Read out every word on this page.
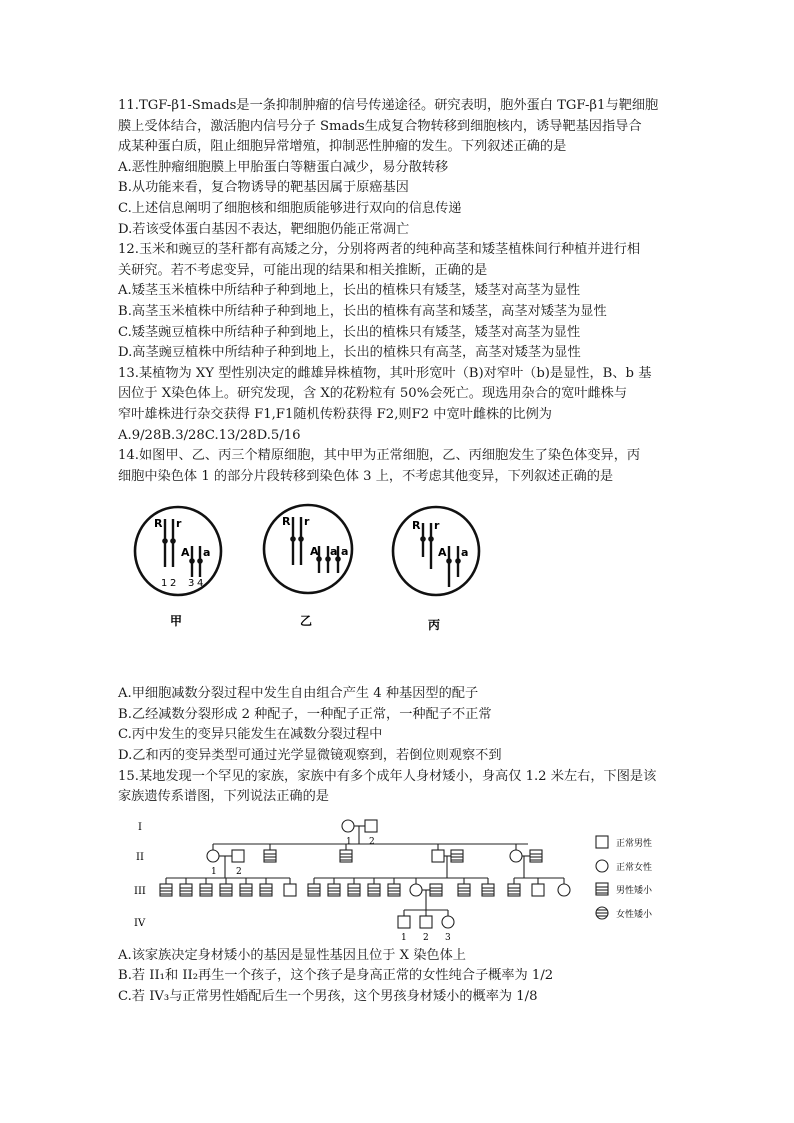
11.TGF-β1-Smads是一条抑制肿瘤的信号传递途径。研究表明，胞外蛋白 TGF-β1与靶细胞
膜上受体结合，激活胞内信号分子 Smads生成复合物转移到细胞核内，诱导靶基因指导合
成某种蛋白质，阻止细胞异常增殖，抑制恶性肿瘤的发生。下列叙述正确的是
A.恶性肿瘤细胞膜上甲胎蛋白等糖蛋白减少，易分散转移
B.从功能来看，复合物诱导的靶基因属于原癌基因
C.上述信息阐明了细胞核和细胞质能够进行双向的信息传递
D.若该受体蛋白基因不表达，靶细胞仍能正常凋亡
12.玉米和豌豆的茎秆都有高矮之分，分别将两者的纯种高茎和矮茎植株间行种植并进行相
关研究。若不考虑变异，可能出现的结果和相关推断，正确的是
A.矮茎玉米植株中所结种子种到地上，长出的植株只有矮茎，矮茎对高茎为显性
B.高茎玉米植株中所结种子种到地上，长出的植株有高茎和矮茎，高茎对矮茎为显性
C.矮茎豌豆植株中所结种子种到地上，长出的植株只有矮茎，矮茎对高茎为显性
D.高茎豌豆植株中所结种子种到地上，长出的植株只有高茎，高茎对矮茎为显性
13.某植物为 XY 型性别决定的雌雄异株植物，其叶形宽叶（B)对窄叶（b)是显性，B、b 基
因位于 X染色体上。研究发现，含 X的花粉粒有 50%会死亡。现选用杂合的宽叶雌株与
窄叶雄株进行杂交获得 F1,F1随机传粉获得 F2,则F2 中宽叶雌株的比例为
A.9/28B.3/28C.13/28D.5/16
14.如图甲、乙、丙三个精原细胞，其中甲为正常细胞，乙、丙细胞发生了染色体变异，丙
细胞中染色体 1 的部分片段转移到染色体 3 上，不考虑其他变异，下列叙述正确的是
R r
A a
1 2 3 4
甲
R r
A a a
乙
R r
A a
丙
A.甲细胞减数分裂过程中发生自由组合产生 4 种基因型的配子
B.乙经减数分裂形成 2 种配子，一种配子正常，一种配子不正常
C.丙中发生的变异只能发生在减数分裂过程中
D.乙和丙的变异类型可通过光学显微镜观察到，若倒位则观察不到
15.某地发现一个罕见的家族，家族中有多个成年人身材矮小，身高仅 1.2 米左右，下图是该
家族遗传系谱图，下列说法正确的是
I
II
III
IV
1 2
1 2
1 2 3
正常男性
正常女性
男性矮小
女性矮小
A.该家族决定身材矮小的基因是显性基因且位于 X 染色体上
B.若 II₁和 II₂再生一个孩子，这个孩子是身高正常的女性纯合子概率为 1/2
C.若 IV₃与正常男性婚配后生一个男孩，这个男孩身材矮小的概率为 1/8
